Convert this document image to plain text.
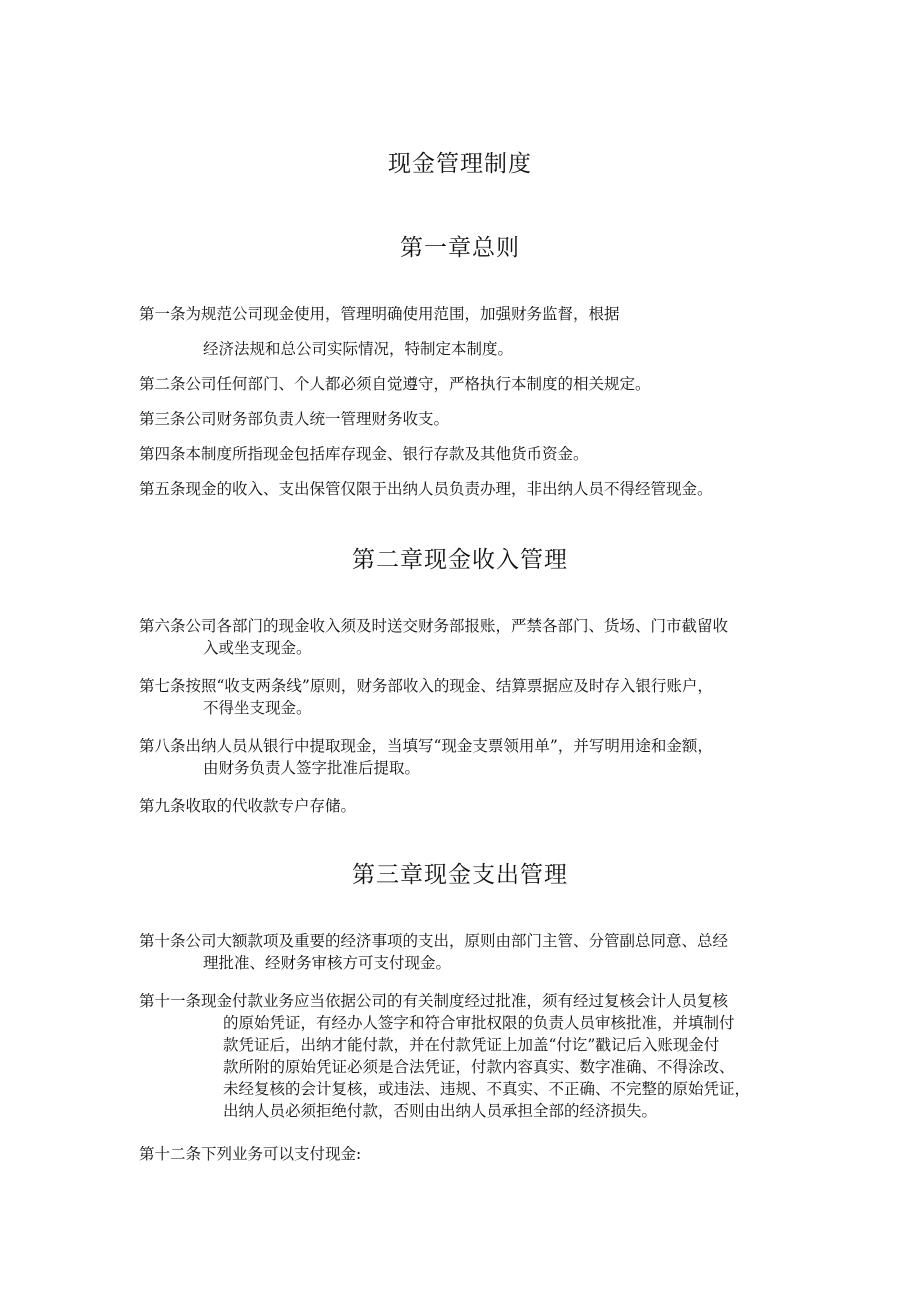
现金管理制度
第一章总则
第一条为规范公司现金使用，管理明确使用范围，加强财务监督，根据
经济法规和总公司实际情况，特制定本制度。
第二条公司任何部门、个人都必须自觉遵守，严格执行本制度的相关规定。
第三条公司财务部负责人统一管理财务收支。
第四条本制度所指现金包括库存现金、银行存款及其他货币资金。
第五条现金的收入、支出保管仅限于出纳人员负责办理，非出纳人员不得经管现金。
第二章现金收入管理
第六条公司各部门的现金收入须及时送交财务部报账，严禁各部门、货场、门市截留收
入或坐支现金。
第七条按照“收支两条线”原则，财务部收入的现金、结算票据应及时存入银行账户，
不得坐支现金。
第八条出纳人员从银行中提取现金，当填写“现金支票领用单”，并写明用途和金额，
由财务负责人签字批准后提取。
第九条收取的代收款专户存储。
第三章现金支出管理
第十条公司大额款项及重要的经济事项的支出，原则由部门主管、分管副总同意、总经
理批准、经财务审核方可支付现金。
第十一条现金付款业务应当依据公司的有关制度经过批准，须有经过复核会计人员复核
的原始凭证，有经办人签字和符合审批权限的负责人员审核批准，并填制付
款凭证后，出纳才能付款，并在付款凭证上加盖“付讫”戳记后入账现金付
款所附的原始凭证必须是合法凭证，付款内容真实、数字准确、不得涂改、
未经复核的会计复核，或违法、违规、不真实、不正确、不完整的原始凭证，
出纳人员必须拒绝付款，否则由出纳人员承担全部的经济损失。
第十二条下列业务可以支付现金:
